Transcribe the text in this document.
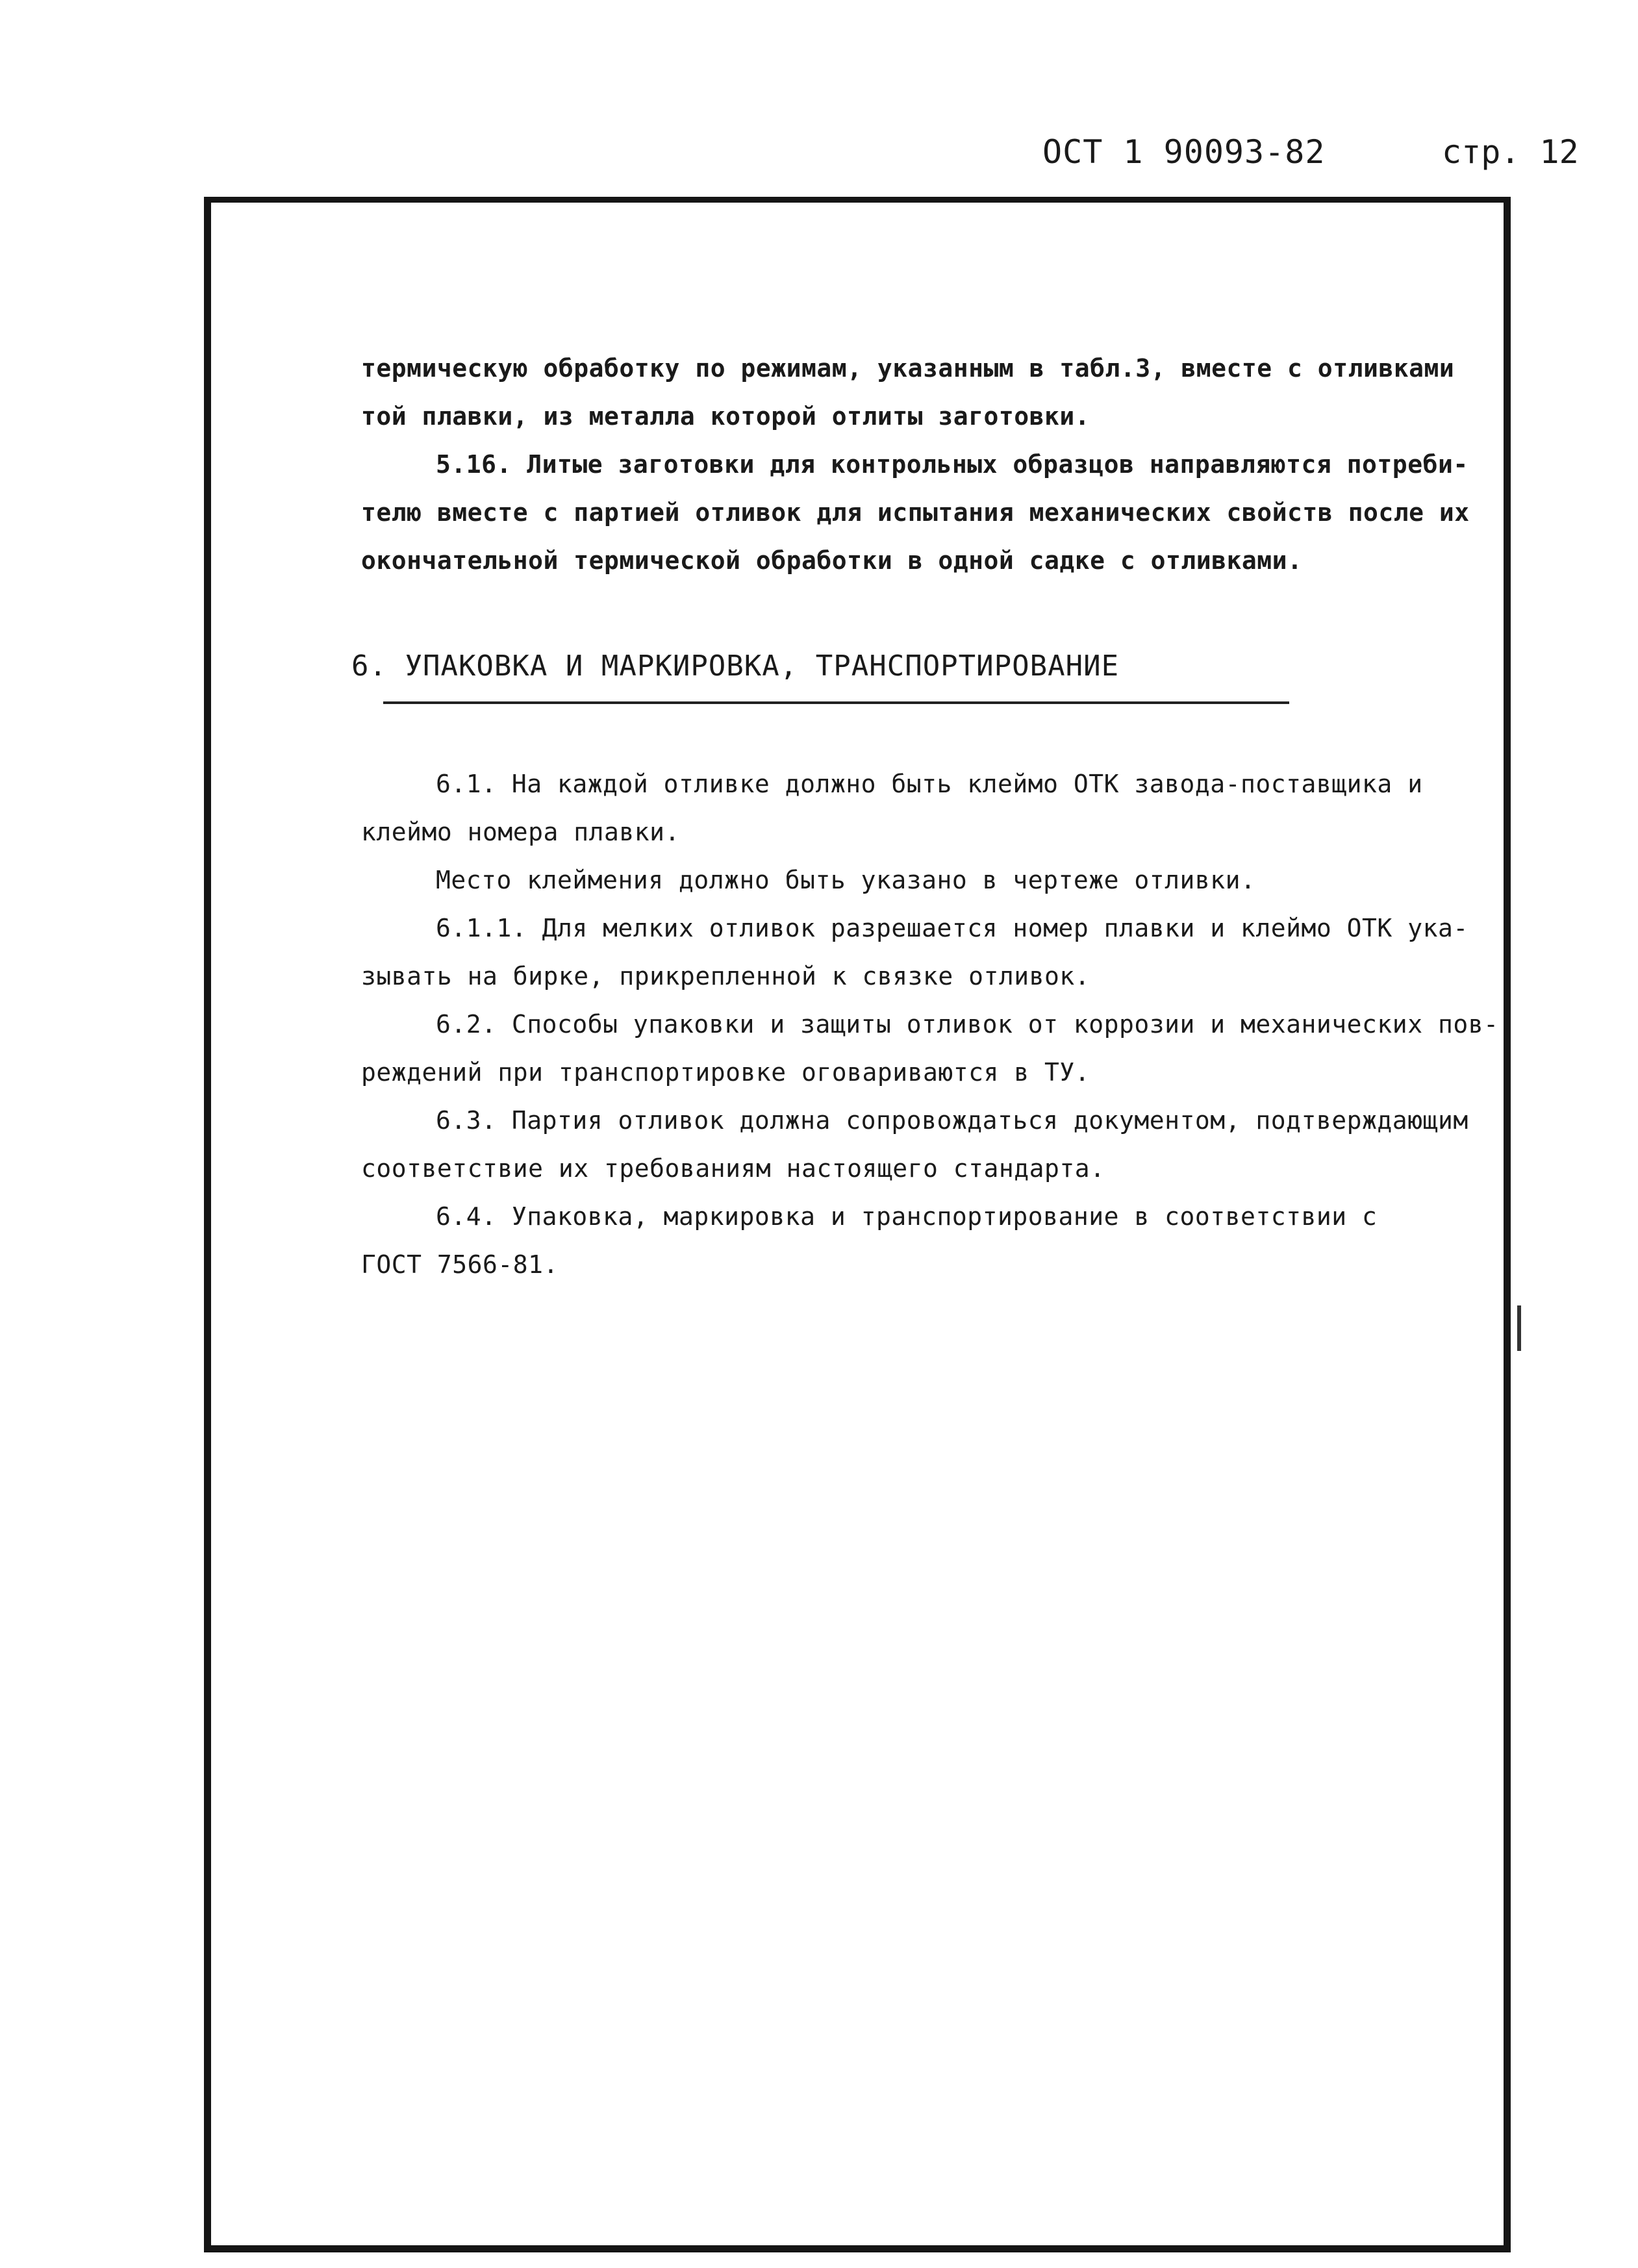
ОСТ 1 90093-82	стр. 12
термическую обработку по режимам, указанным в табл.3, вместе с отливками
той плавки, из металла которой отлиты заготовки.
5.16. Литые заготовки для контрольных образцов направляются потреби-
телю вместе с партией отливок для испытания механических свойств после их
окончательной термической обработки в одной садке с отливками.
6. УПАКОВКА И МАРКИРОВКА, ТРАНСПОРТИРОВАНИЕ
6.1. На каждой отливке должно быть клеймо ОТК завода-поставщика и
клеймо номера плавки.
Место клеймения должно быть указано в чертеже отливки.
6.1.1. Для мелких отливок разрешается номер плавки и клеймо ОТК ука-
зывать на бирке, прикрепленной к связке отливок.
6.2. Способы упаковки и защиты отливок от коррозии и механических пов-
реждений при транспортировке оговариваются в ТУ.
6.3. Партия отливок должна сопровождаться документом, подтверждающим
соответствие их требованиям настоящего стандарта.
6.4. Упаковка, маркировка и транспортирование в соответствии с
ГОСТ 7566-81.
